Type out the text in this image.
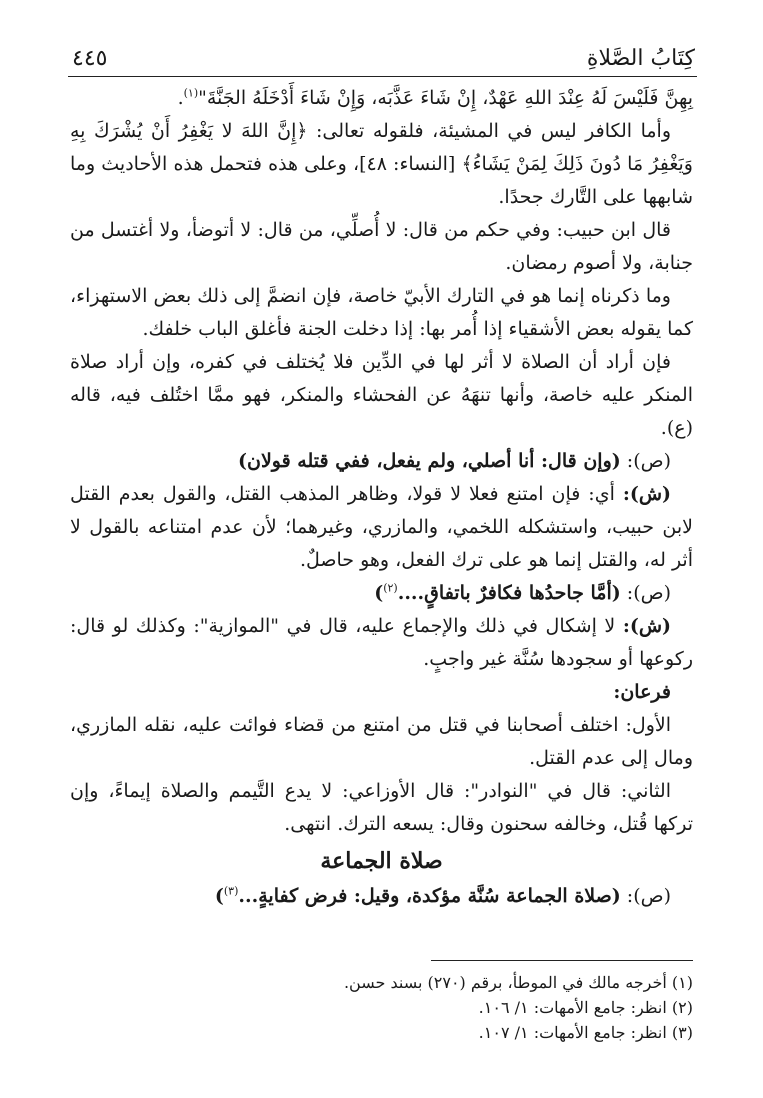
كِتَابُ الصَّلاةِ
٤٤٥

بِهِنَّ فَلَيْسَ لَهُ عِنْدَ اللهِ عَهْدٌ، إِنْ شَاءَ عَذَّبَه، وَإِنْ شَاءَ أَدْخَلَهُ الجَنَّةَ"$^{(١)}$.

وأما الكافر ليس في المشيئة، فلقوله تعالى: ﴿إِنَّ اللهَ لا يَغْفِرُ أَنْ يُشْرَكَ بِهِ وَيَغْفِرُ مَا دُونَ ذَلِكَ لِمَنْ يَشَاءُ﴾ [النساء: ٤٨]، وعلى هذه فتحمل هذه الأحاديث وما شابهها على التَّارك جحدًا.

قال ابن حبيب: وفي حكم من قال: لا أُصلِّي، من قال: لا أتوضأ، ولا أغتسل من جنابة، ولا أصوم رمضان.

وما ذكرناه إنما هو في التارك الأبيّ خاصة، فإن انضمَّ إلى ذلك بعض الاستهزاء، كما يقوله بعض الأشقياء إذا أُمر بها: إذا دخلت الجنة فأغلق الباب خلفك.

فإن أراد أن الصلاة لا أثر لها في الدِّين فلا يُختلف في كفره، وإن أراد صلاة المنكر عليه خاصة، وأنها تنهَهُ عن الفحشاء والمنكر، فهو ممَّا اختُلف فيه، قاله (ع).

(ص): (وإن قال: أنا أصلي، ولم يفعل، ففي قتله قولان)

(ش): أي: فإن امتنع فعلا لا قولا، وظاهر المذهب القتل، والقول بعدم القتل لابن حبيب، واستشكله اللخمي، والمازري، وغيرهما؛ لأن عدم امتناعه بالقول لا أثر له، والقتل إنما هو على ترك الفعل، وهو حاصلٌ.

(ص): (أمَّا جاحدُها فكافرٌ باتفاقٍ....$^{(٢)}$)

(ش): لا إشكال في ذلك والإجماع عليه، قال في "الموازية": وكذلك لو قال: ركوعها أو سجودها سُنَّة غير واجبٍ.

فرعان:

الأول: اختلف أصحابنا في قتل من امتنع من قضاء فوائت عليه، نقله المازري، ومال إلى عدم القتل.

الثاني: قال في "النوادر": قال الأوزاعي: لا يدع التَّيمم والصلاة إيماءً، وإن تركها قُتل، وخالفه سحنون وقال: يسعه الترك. انتهى.

صلاة الجماعة

(ص): (صلاة الجماعة سُنَّة مؤكدة، وقيل: فرض كفايةٍ...$^{(٣)}$)

(١) أخرجه مالك في الموطأ، برقم (٢٧٠) بسند حسن.
(٢) انظر: جامع الأمهات: ١/ ١٠٦.
(٣) انظر: جامع الأمهات: ١/ ١٠٧.
